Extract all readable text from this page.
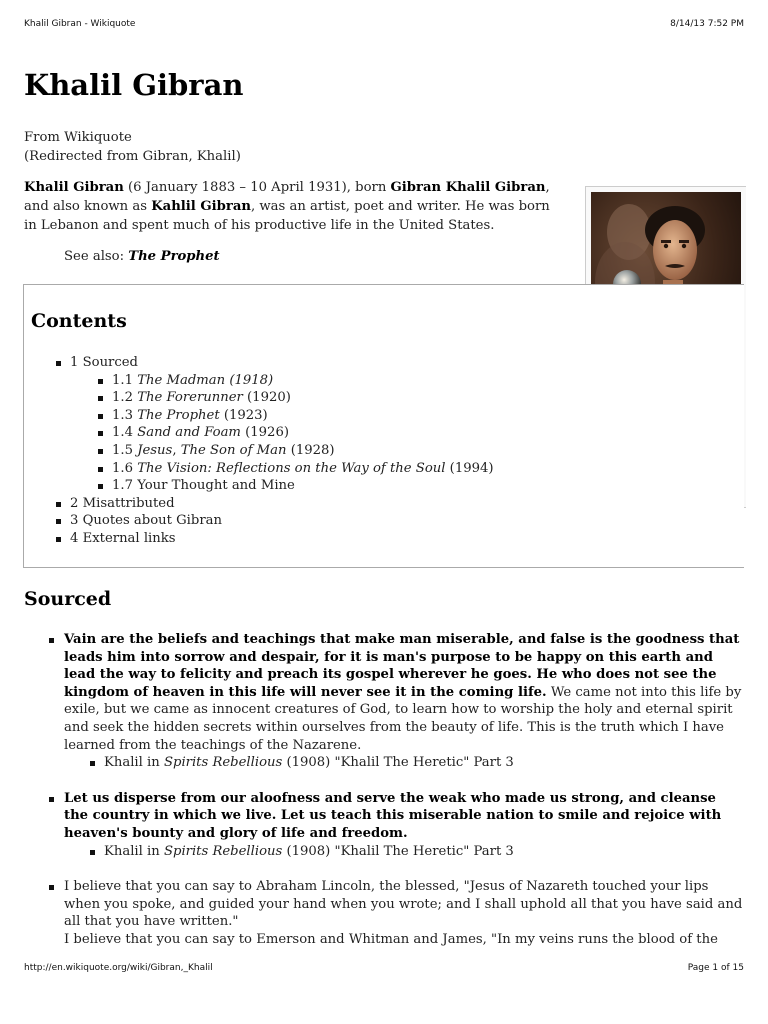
Khalil Gibran - Wikiquote	8/14/13 7:52 PM
Khalil Gibran
From Wikiquote
(Redirected from Gibran, Khalil)
Khalil Gibran (6 January 1883 – 10 April 1931), born Gibran Khalil Gibran, and also known as Kahlil Gibran, was an artist, poet and writer. He was born in Lebanon and spent much of his productive life in the United States.
See also: The Prophet
Contents
1 Sourced
1.1 The Madman (1918)
1.2 The Forerunner (1920)
1.3 The Prophet (1923)
1.4 Sand and Foam (1926)
1.5 Jesus, The Son of Man (1928)
1.6 The Vision: Reflections on the Way of the Soul (1994)
1.7 Your Thought and Mine
2 Misattributed
3 Quotes about Gibran
4 External links
Sourced
Vain are the beliefs and teachings that make man miserable, and false is the goodness that leads him into sorrow and despair, for it is man's purpose to be happy on this earth and lead the way to felicity and preach its gospel wherever he goes. He who does not see the kingdom of heaven in this life will never see it in the coming life. We came not into this life by exile, but we came as innocent creatures of God, to learn how to worship the holy and eternal spirit and seek the hidden secrets within ourselves from the beauty of life. This is the truth which I have learned from the teachings of the Nazarene.
Khalil in Spirits Rebellious (1908) "Khalil The Heretic" Part 3
Let us disperse from our aloofness and serve the weak who made us strong, and cleanse the country in which we live. Let us teach this miserable nation to smile and rejoice with heaven's bounty and glory of life and freedom.
Khalil in Spirits Rebellious (1908) "Khalil The Heretic" Part 3
I believe that you can say to Abraham Lincoln, the blessed, "Jesus of Nazareth touched your lips when you spoke, and guided your hand when you wrote; and I shall uphold all that you have said and all that you have written."
I believe that you can say to Emerson and Whitman and James, "In my veins runs the blood of the
http://en.wikiquote.org/wiki/Gibran,_Khalil	Page 1 of 15
